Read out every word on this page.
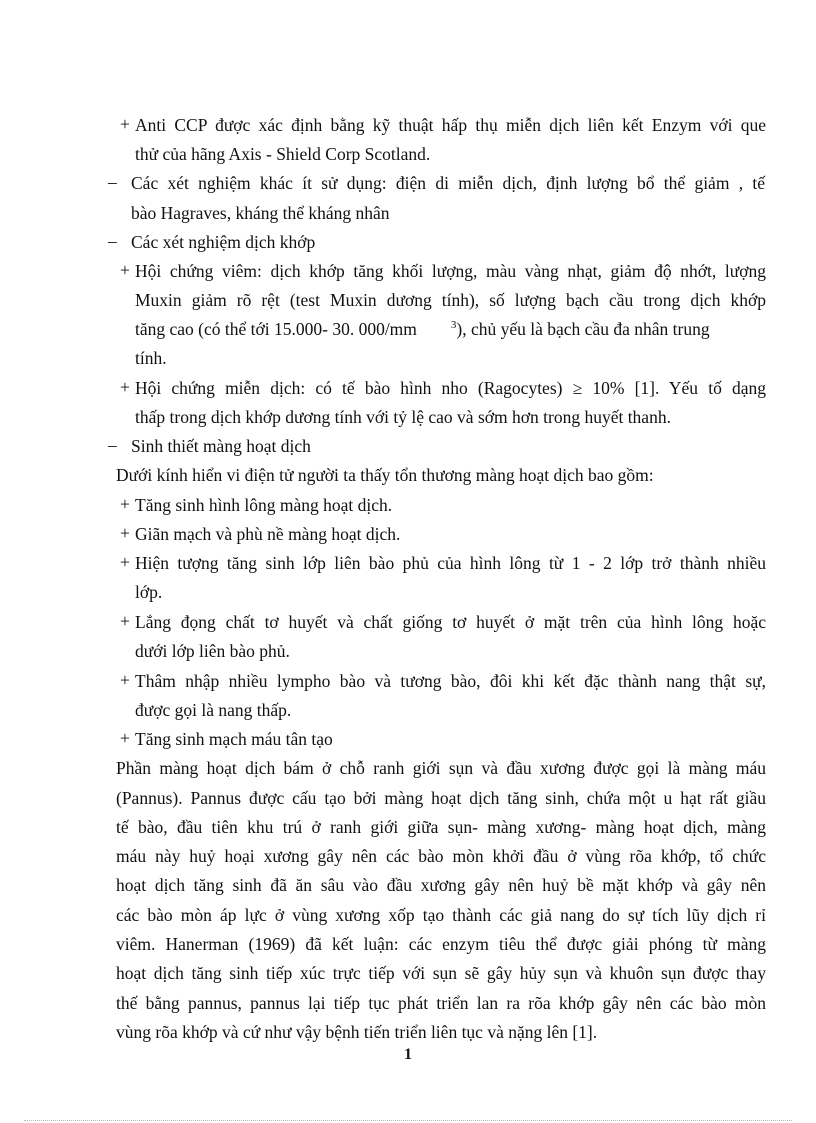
+ Anti CCP được xác định bằng kỹ thuật hấp thụ miễn dịch liên kết Enzym với que
thử của hãng Axis - Shield Corp Scotland.
– Các xét nghiệm khác ít sử dụng: điện di miễn dịch, định lượng bổ thể giảm , tế
bào Hagraves, kháng thể kháng nhân
– Các xét nghiệm dịch khớp
+ Hội chứng viêm: dịch khớp tăng khối lượng, màu vàng nhạt, giảm độ nhớt, lượng
Muxin giảm rõ rệt (test Muxin dương tính), số lượng bạch cầu trong dịch khớp
tăng cao (có thể tới 15.000- 30. 000/mm	$^3$), chủ yếu là bạch cầu đa nhân trung
tính.
+ Hội chứng miễn dịch: có tế bào hình nho (Ragocytes) ≥ 10% [1]. Yếu tố dạng
thấp trong dịch khớp dương tính với tỷ lệ cao và sớm hơn trong huyết thanh.
– Sinh thiết màng hoạt dịch
Dưới kính hiển vi điện tử người ta thấy tổn thương màng hoạt dịch bao gồm:
+ Tăng sinh hình lông màng hoạt dịch.
+ Giãn mạch và phù nề màng hoạt dịch.
+ Hiện tượng tăng sinh lớp liên bào phủ của hình lông từ 1 - 2 lớp trở thành nhiều
lớp.
+ Lắng đọng chất tơ huyết và chất giống tơ huyết ở mặt trên của hình lông hoặc
dưới lớp liên bào phủ.
+ Thâm nhập nhiều lympho bào và tương bào, đôi khi kết đặc thành nang thật sự,
được gọi là nang thấp.
+ Tăng sinh mạch máu tân tạo
Phần màng hoạt dịch bám ở chỗ ranh giới sụn và đầu xương được gọi là màng máu
(Pannus). Pannus được cấu tạo bởi màng hoạt dịch tăng sinh, chứa một u hạt rất giầu
tế bào, đầu tiên khu trú ở ranh giới giữa sụn- màng xương- màng hoạt dịch, màng
máu này huỷ hoại xương gây nên các bào mòn khởi đầu ở vùng rõa khớp, tổ chức
hoạt dịch tăng sinh đã ăn sâu vào đầu xương gây nên huỷ bề mặt khớp và gây nên
các bào mòn áp lực ở vùng xương xốp tạo thành các giả nang do sự tích lũy dịch rỉ
viêm. Hanerman (1969) đã kết luận: các enzym tiêu thể được giải phóng từ màng
hoạt dịch tăng sinh tiếp xúc trực tiếp với sụn sẽ gây hủy sụn và khuôn sụn được thay
thế bằng pannus, pannus lại tiếp tục phát triển lan ra rõa khớp gây nên các bào mòn
vùng rõa khớp và cứ như vậy bệnh tiến triển liên tục và nặng lên [1].
1
